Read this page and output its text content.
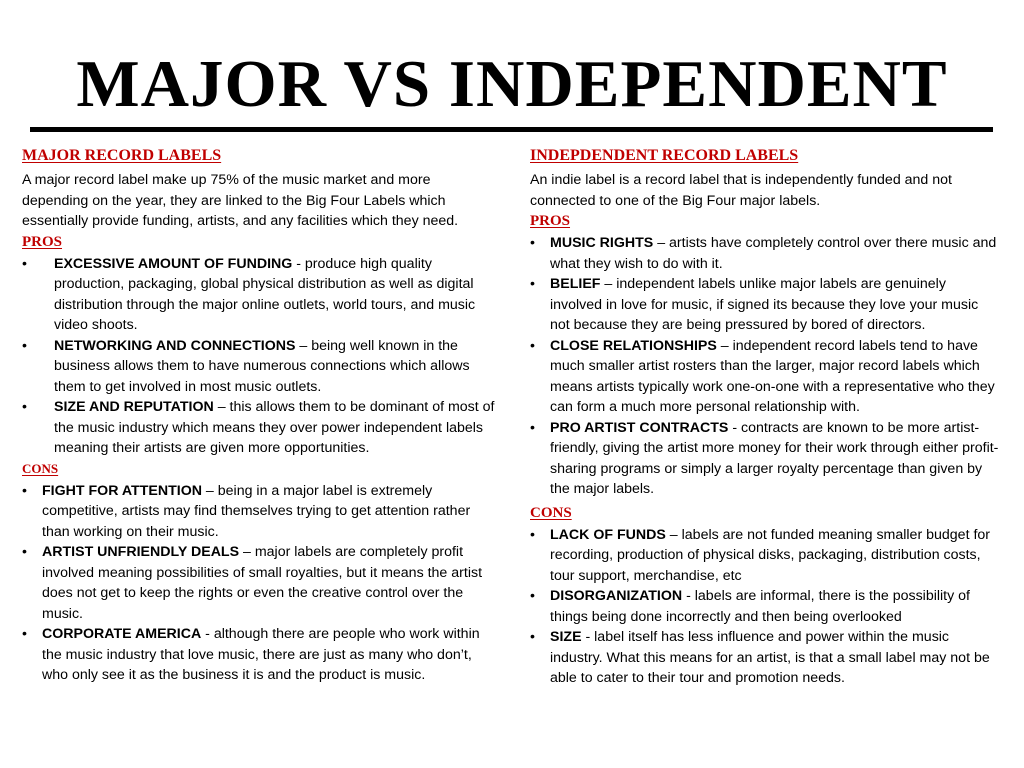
MAJOR VS INDEPENDENT
MAJOR RECORD LABELS

A major record label make up 75% of the music market and more depending on the year, they are linked to the Big Four Labels which essentially provide funding, artists, and any facilities which they need.

PROS
• EXCESSIVE AMOUNT OF FUNDING - produce high quality production, packaging, global physical distribution as well as digital distribution through the major online outlets, world tours, and music video shoots.
• NETWORKING AND CONNECTIONS – being well known in the business allows them to have numerous connections which allows them to get involved in most music outlets.
• SIZE AND REPUTATION – this allows them to be dominant of most of the music industry which means they over power independent labels meaning their artists are given more opportunities.
CONS
• FIGHT FOR ATTENTION – being in a major label is extremely competitive, artists may find themselves trying to get attention rather than working on their music.
• ARTIST UNFRIENDLY DEALS – major labels are completely profit involved meaning possibilities of small royalties, but it means the artist does not get to keep the rights or even the creative control over the music.
• CORPORATE AMERICA - although there are people who work within the music industry that love music, there are just as many who don’t, who only see it as the business it is and the product is music.
INDEPDENDENT RECORD LABELS

An indie label is a record label that is independently funded and not connected to one of the Big Four major labels.

PROS
• MUSIC RIGHTS – artists have completely control over there music and what they wish to do with it.
• BELIEF – independent labels unlike major labels are genuinely involved in love for music, if signed its because they love your music not because they are being pressured by bored of directors.
• CLOSE RELATIONSHIPS – independent record labels tend to have much smaller artist rosters than the larger, major record labels which means artists typically work one-on-one with a representative who they can form a much more personal relationship with.
• PRO ARTIST CONTRACTS - contracts are known to be more artist-friendly, giving the artist more money for their work through either profit-sharing programs or simply a larger royalty percentage than given by the major labels.
CONS
• LACK OF FUNDS – labels are not funded meaning smaller budget for recording, production of physical disks, packaging, distribution costs, tour support, merchandise, etc
• DISORGANIZATION - labels are informal, there is the possibility of things being done incorrectly and then being overlooked
• SIZE - label itself has less influence and power within the music industry. What this means for an artist, is that a small label may not be able to cater to their tour and promotion needs.
